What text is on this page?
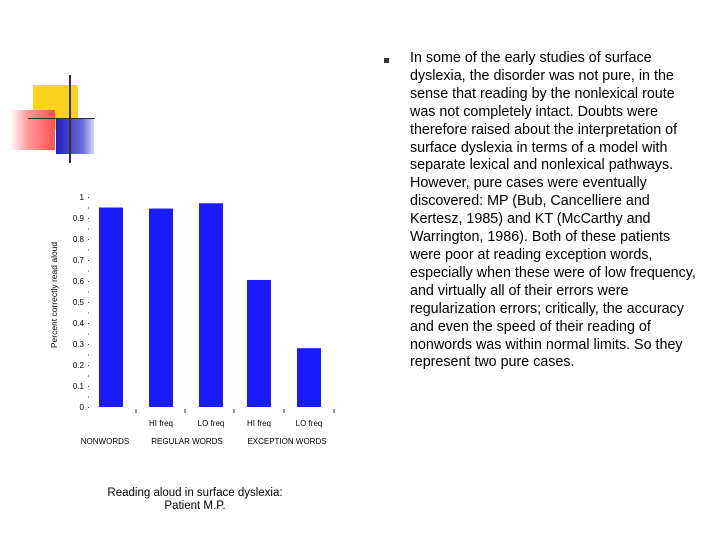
0
0.1
0.2
0.3
0.4
0.5
0.6
0.7
0.8
0.9
1
HI freq	LO freq	HI freq	LO freq
NONWORDS	REGULAR WORDS	EXCEPTION WORDS
Percent correctly read aloud
Reading aloud in surface dyslexia:
Patient M.P.
In some of the early studies of surface dyslexia, the disorder was not pure, in the sense that reading by the nonlexical route was not completely intact. Doubts were therefore raised about the interpretation of surface dyslexia in terms of a model with separate lexical and nonlexical pathways. However, pure cases were eventually discovered: MP (Bub, Cancelliere and Kertesz, 1985) and KT (McCarthy and Warrington, 1986). Both of these patients were poor at reading exception words, especially when these were of low frequency, and virtually all of their errors were regularization errors; critically, the accuracy and even the speed of their reading of nonwords was within normal limits. So they represent two pure cases.
